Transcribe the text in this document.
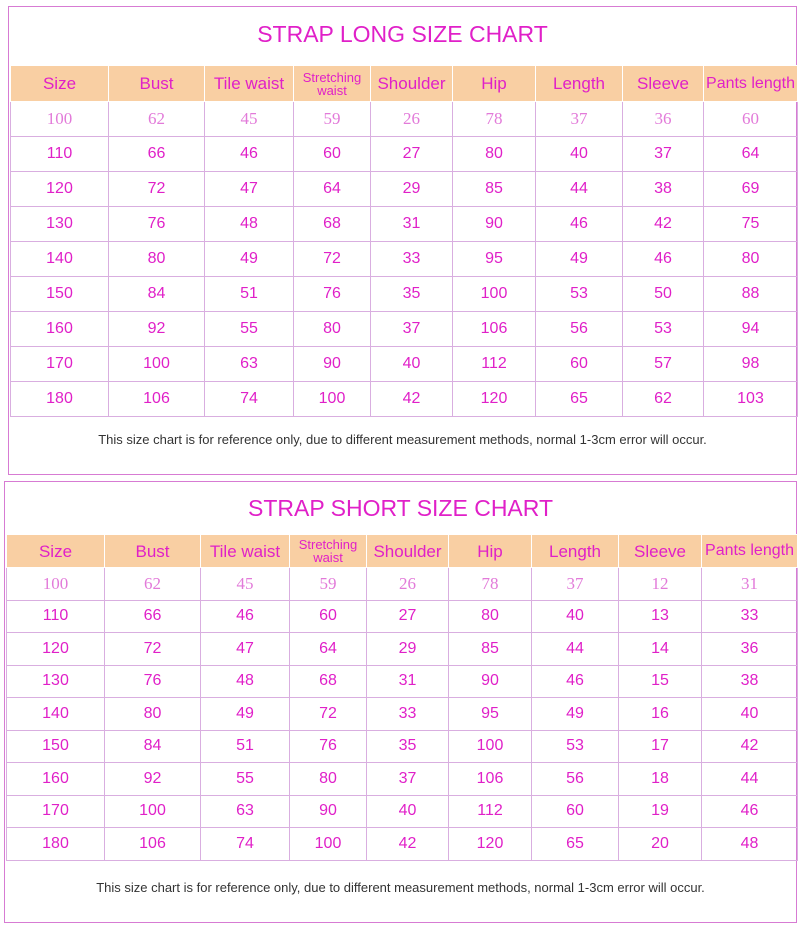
STRAP LONG SIZE CHART
Size	Bust	Tile waist	Stretching waist	Shoulder	Hip	Length	Sleeve	Pants length
100	62	45	59	26	78	37	36	60
110	66	46	60	27	80	40	37	64
120	72	47	64	29	85	44	38	69
130	76	48	68	31	90	46	42	75
140	80	49	72	33	95	49	46	80
150	84	51	76	35	100	53	50	88
160	92	55	80	37	106	56	53	94
170	100	63	90	40	112	60	57	98
180	106	74	100	42	120	65	62	103
This size chart is for reference only, due to different measurement methods, normal 1-3cm error will occur.
STRAP SHORT SIZE CHART
Size	Bust	Tile waist	Stretching waist	Shoulder	Hip	Length	Sleeve	Pants length
100	62	45	59	26	78	37	12	31
110	66	46	60	27	80	40	13	33
120	72	47	64	29	85	44	14	36
130	76	48	68	31	90	46	15	38
140	80	49	72	33	95	49	16	40
150	84	51	76	35	100	53	17	42
160	92	55	80	37	106	56	18	44
170	100	63	90	40	112	60	19	46
180	106	74	100	42	120	65	20	48
This size chart is for reference only, due to different measurement methods, normal 1-3cm error will occur.
